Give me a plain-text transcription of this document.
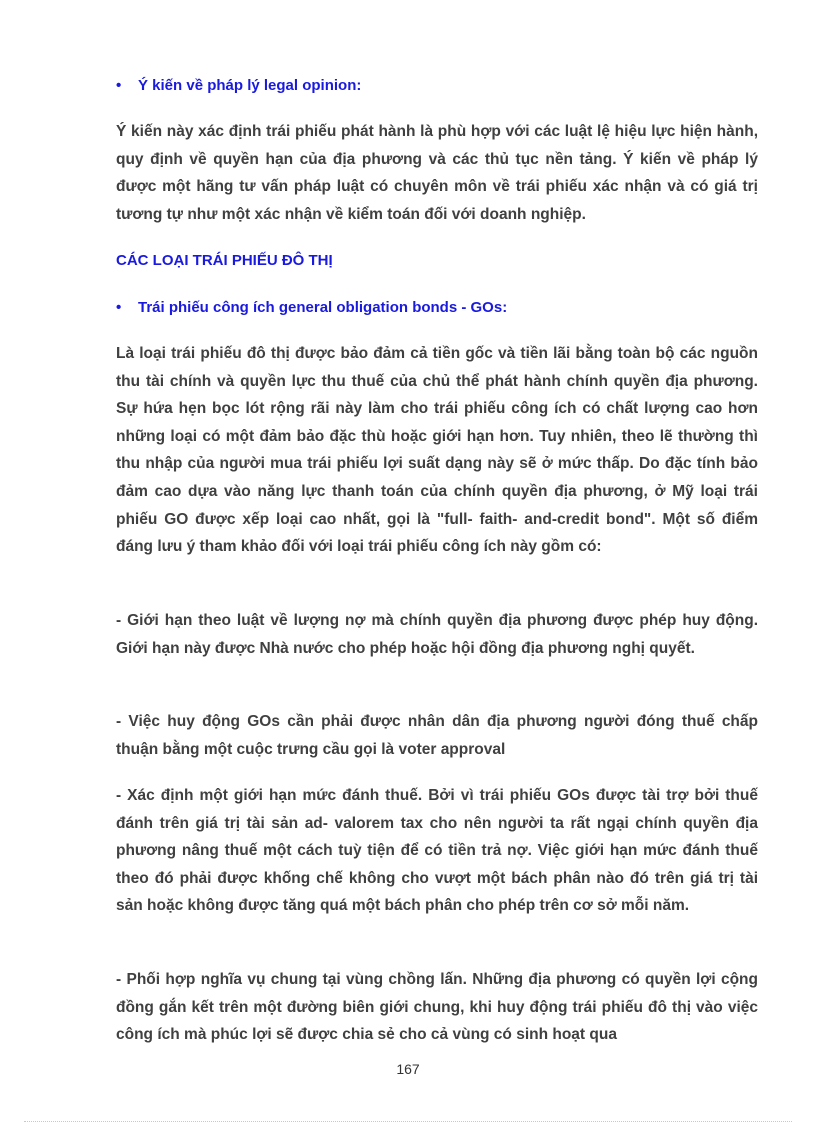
• Ý kiến về pháp lý legal opinion:
Ý kiến này xác định trái phiếu phát hành là phù hợp với các luật lệ hiệu lực hiện hành, quy định về quyền hạn của địa phương và các thủ tục nền tảng. Ý kiến về pháp lý được một hãng tư vấn pháp luật có chuyên môn về trái phiếu xác nhận và có giá trị tương tự như một xác nhận về kiểm toán đối với doanh nghiệp.
CÁC LOẠI TRÁI PHIẾU ĐÔ THỊ
• Trái phiếu công ích general obligation bonds - GOs:
Là loại trái phiếu đô thị được bảo đảm cả tiền gốc và tiền lãi bằng toàn bộ các nguồn thu tài chính và quyền lực thu thuế của chủ thể phát hành chính quyền địa phương. Sự hứa hẹn bọc lót rộng rãi này làm cho trái phiếu công ích có chất lượng cao hơn những loại có một đảm bảo đặc thù hoặc giới hạn hơn. Tuy nhiên, theo lẽ thường thì thu nhập của người mua trái phiếu lợi suất dạng này sẽ ở mức thấp. Do đặc tính bảo đảm cao dựa vào năng lực thanh toán của chính quyền địa phương, ở Mỹ loại trái phiếu GO được xếp loại cao nhất, gọi là "full- faith- and-credit bond". Một số điểm đáng lưu ý tham khảo đối với loại trái phiếu công ích này gồm có:
- Giới hạn theo luật về lượng nợ mà chính quyền địa phương được phép huy động. Giới hạn này được Nhà nước cho phép hoặc hội đồng địa phương nghị quyết.
- Việc huy động GOs cần phải được nhân dân địa phương người đóng thuế chấp thuận bằng một cuộc trưng cầu gọi là voter approval
- Xác định một giới hạn mức đánh thuế. Bởi vì trái phiếu GOs được tài trợ bởi thuế đánh trên giá trị tài sản ad- valorem tax cho nên người ta rất ngại chính quyền địa phương nâng thuế một cách tuỳ tiện để có tiền trả nợ. Việc giới hạn mức đánh thuế theo đó phải được khống chế không cho vượt một bách phân nào đó trên giá trị tài sản hoặc không được tăng quá một bách phân cho phép trên cơ sở mỗi năm.
- Phối hợp nghĩa vụ chung tại vùng chồng lấn. Những địa phương có quyền lợi cộng đồng gắn kết trên một đường biên giới chung, khi huy động trái phiếu đô thị vào việc công ích mà phúc lợi sẽ được chia sẻ cho cả vùng có sinh hoạt qua
167
